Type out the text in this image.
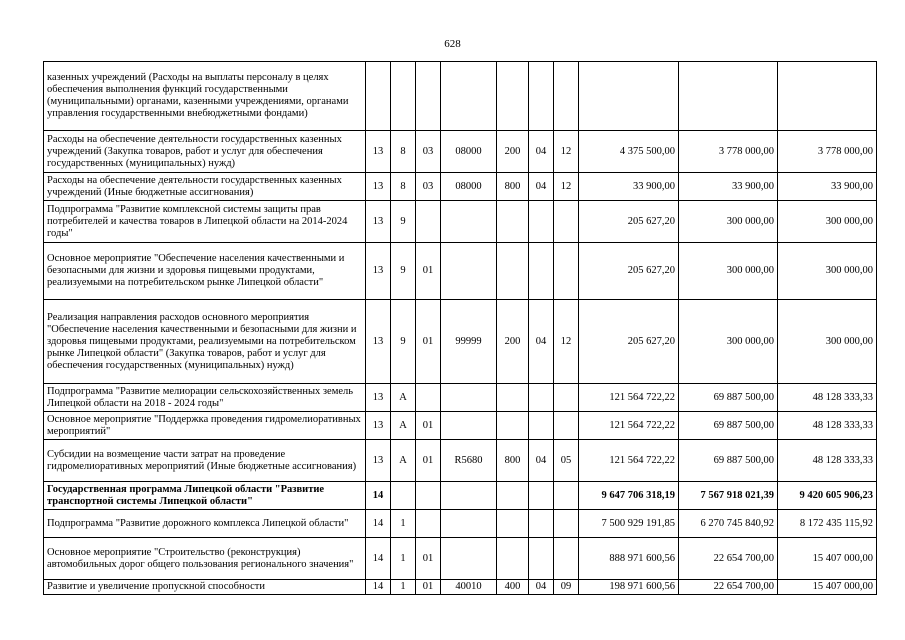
628
казенных учреждений (Расходы на выплаты персоналу в целях обеспечения выполнения функций государственными (муниципальными) органами, казенными учреждениями, органами управления государственными внебюджетными фондами)										
Расходы на обеспечение деятельности государственных казенных учреждений (Закупка товаров, работ и услуг для обеспечения государственных (муниципальных) нужд)	13	8	03	08000	200	04	12	4 375 500,00	3 778 000,00	3 778 000,00
Расходы на обеспечение деятельности государственных казенных учреждений (Иные бюджетные ассигнования)	13	8	03	08000	800	04	12	33 900,00	33 900,00	33 900,00
Подпрограмма "Развитие комплексной системы защиты прав потребителей и качества товаров в Липецкой области на 2014-2024 годы"	13	9						205 627,20	300 000,00	300 000,00
Основное мероприятие "Обеспечение населения качественными и безопасными для жизни и здоровья пищевыми продуктами, реализуемыми на потребительском рынке Липецкой области"	13	9	01					205 627,20	300 000,00	300 000,00
Реализация направления расходов основного мероприятия "Обеспечение населения качественными и безопасными для жизни и здоровья пищевыми продуктами, реализуемыми на потребительском рынке Липецкой области" (Закупка товаров, работ и услуг для обеспечения государственных (муниципальных) нужд)	13	9	01	99999	200	04	12	205 627,20	300 000,00	300 000,00
Подпрограмма "Развитие мелиорации сельскохозяйственных земель Липецкой области на 2018 - 2024 годы"	13	А						121 564 722,22	69 887 500,00	48 128 333,33
Основное мероприятие "Поддержка проведения гидромелиоративных мероприятий"	13	А	01					121 564 722,22	69 887 500,00	48 128 333,33
Субсидии на возмещение части затрат на проведение гидромелиоративных мероприятий (Иные бюджетные ассигнования)	13	А	01	R5680	800	04	05	121 564 722,22	69 887 500,00	48 128 333,33
Государственная программа Липецкой области "Развитие транспортной системы Липецкой области"	14							9 647 706 318,19	7 567 918 021,39	9 420 605 906,23
Подпрограмма "Развитие дорожного комплекса Липецкой области"	14	1						7 500 929 191,85	6 270 745 840,92	8 172 435 115,92
Основное мероприятие "Строительство (реконструкция) автомобильных дорог общего пользования регионального значения"	14	1	01					888 971 600,56	22 654 700,00	15 407 000,00
Развитие и увеличение пропускной способности	14	1	01	40010	400	04	09	198 971 600,56	22 654 700,00	15 407 000,00
